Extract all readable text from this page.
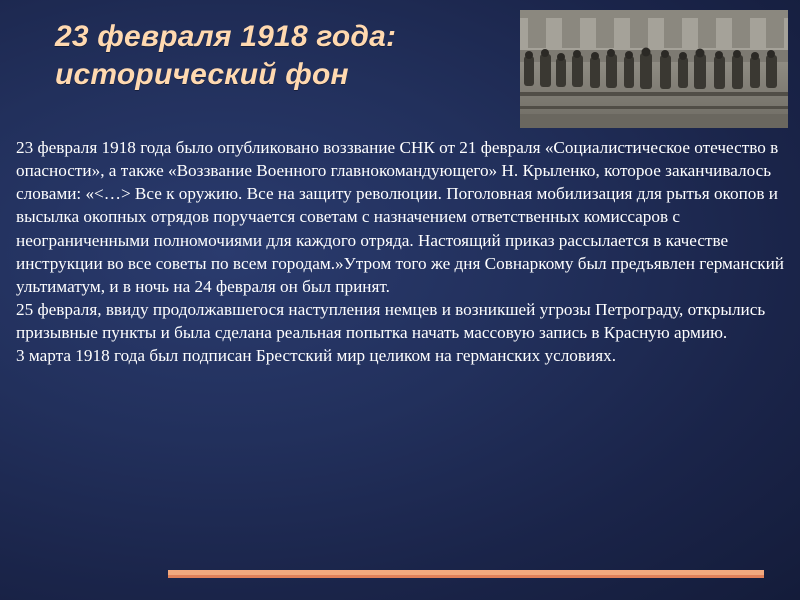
23 февраля 1918 года:
исторический фон

23 февраля 1918 года было опубликовано воззвание СНК от 21 февраля «Социалистическое отечество в опасности», а также «Воззвание Военного главнокомандующего» Н. Крыленко, которое заканчивалось словами: «<…> Все к оружию. Все на защиту революции. Поголовная мобилизация для рытья окопов и высылка окопных отрядов поручается советам с назначением ответственных комиссаров с неограниченными полномочиями для каждого отряда. Настоящий приказ рассылается в качестве инструкции во все советы по всем городам.»Утром того же дня Совнаркому был предъявлен германский ультиматум, и в ночь на 24 февраля он был принят.

25 февраля, ввиду продолжавшегося наступления немцев и возникшей угрозы Петрограду, открылись призывные пункты и была сделана реальная попытка начать массовую запись в Красную армию.

3 марта 1918 года был подписан Брестский мир целиком на германских условиях.
